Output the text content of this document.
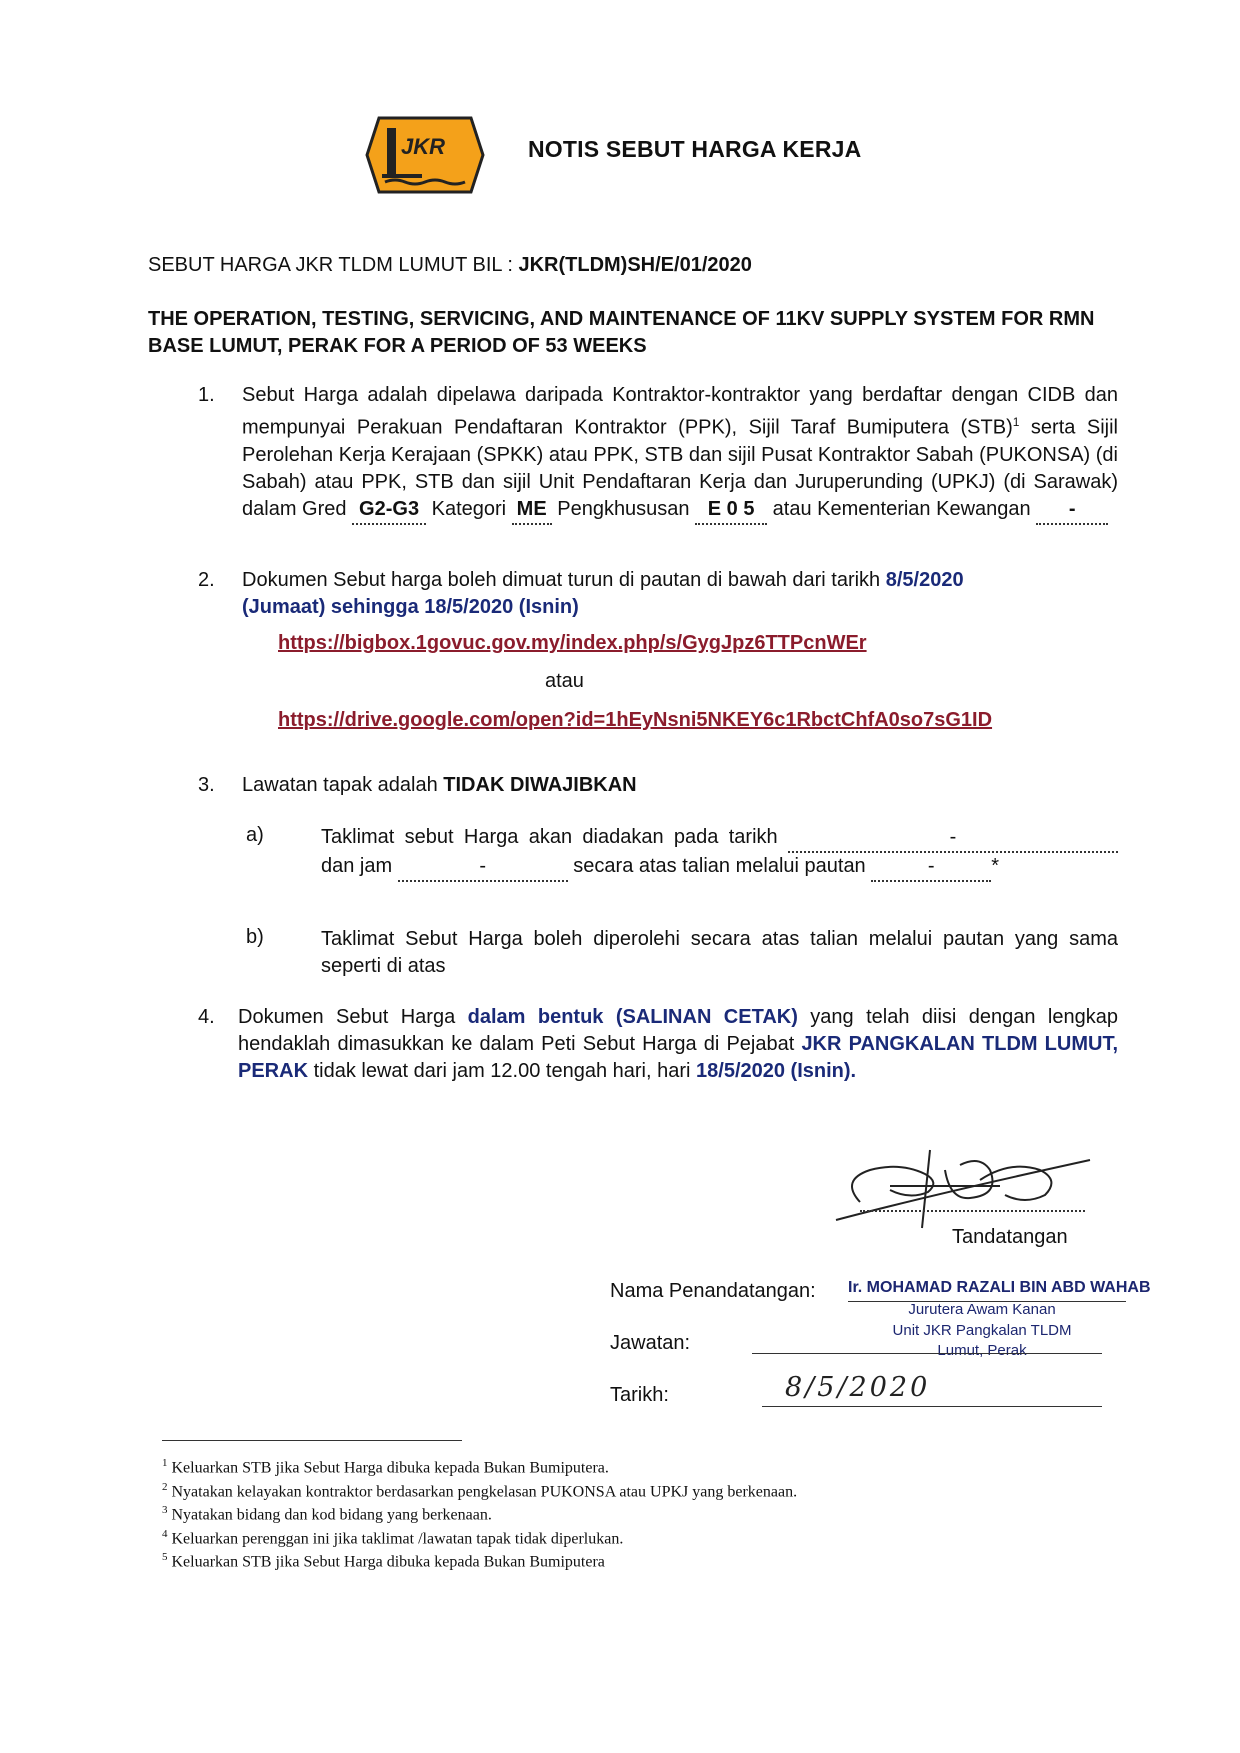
JKR	NOTIS SEBUT HARGA KERJA
SEBUT HARGA JKR TLDM LUMUT BIL : JKR(TLDM)SH/E/01/2020
THE OPERATION, TESTING, SERVICING, AND MAINTENANCE OF 11KV SUPPLY SYSTEM FOR RMN BASE LUMUT, PERAK FOR A PERIOD OF 53 WEEKS
1. Sebut Harga adalah dipelawa daripada Kontraktor-kontraktor yang berdaftar dengan CIDB dan mempunyai Perakuan Pendaftaran Kontraktor (PPK), Sijil Taraf Bumiputera (STB)$^1$ serta Sijil Perolehan Kerja Kerajaan (SPKK) atau PPK, STB dan sijil Pusat Kontraktor Sabah (PUKONSA) (di Sabah) atau PPK, STB dan sijil Unit Pendaftaran Kerja dan Juruperunding (UPKJ) (di Sarawak) dalam Gred G2-G3 Kategori ME Pengkhususan E 0 5 atau Kementerian Kewangan -
2. Dokumen Sebut harga boleh dimuat turun di pautan di bawah dari tarikh 8/5/2020
(Jumaat) sehingga 18/5/2020 (Isnin)
https://bigbox.1govuc.gov.my/index.php/s/GygJpz6TTPcnWEr
atau
https://drive.google.com/open?id=1hEyNsni5NKEY6c1RbctChfA0so7sG1ID
3. Lawatan tapak adalah TIDAK DIWAJIBKAN
a)	Taklimat sebut Harga akan diadakan pada tarikh	- dan jam	-	secara atas talian melalui pautan	-	*
b)	Taklimat Sebut Harga boleh diperolehi secara atas talian melalui pautan yang sama seperti di atas
4. Dokumen Sebut Harga dalam bentuk (SALINAN CETAK) yang telah diisi dengan lengkap hendaklah dimasukkan ke dalam Peti Sebut Harga di Pejabat JKR PANGKALAN TLDM LUMUT, PERAK tidak lewat dari jam 12.00 tengah hari, hari 18/5/2020 (Isnin).
Tandatangan
Nama Penandatangan: Ir. MOHAMAD RAZALI BIN ABD WAHAB
Jurutera Awam Kanan
Jawatan:
Unit JKR Pangkalan TLDM
Lumut, Perak
Tarikh:	8/5/2020
$^1$ Keluarkan STB jika Sebut Harga dibuka kepada Bukan Bumiputera.
$^2$ Nyatakan kelayakan kontraktor berdasarkan pengkelasan PUKONSA atau UPKJ yang berkenaan.
$^3$ Nyatakan bidang dan kod bidang yang berkenaan.
$^4$ Keluarkan perenggan ini jika taklimat /lawatan tapak tidak diperlukan.
$^5$ Keluarkan STB jika Sebut Harga dibuka kepada Bukan Bumiputera
